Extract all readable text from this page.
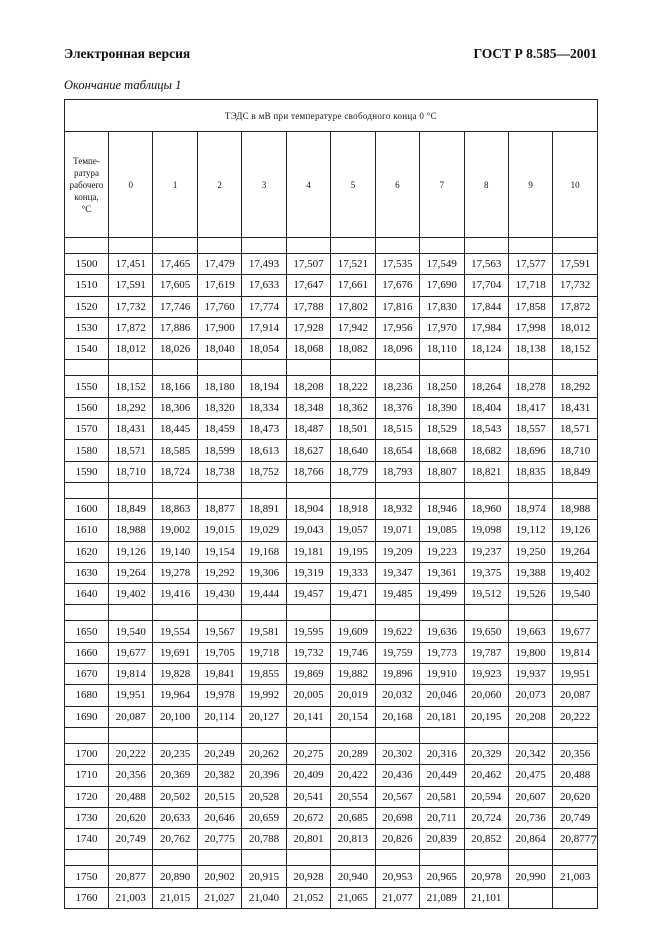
Электронная версия	ГОСТ Р 8.585—2001
Окончание таблицы 1
ТЭДС в мВ при температуре свободного конца 0 °С											

Темпе-
ратура
рабочего
конца,
°С	0	1	2	3	4	5	6	7	8	9	10

1500	17,451	17,465	17,479	17,493	17,507	17,521	17,535	17,549	17,563	17,577	17,591
1510	17,591	17,605	17,619	17,633	17,647	17,661	17,676	17,690	17,704	17,718	17,732
1520	17,732	17,746	17,760	17,774	17,788	17,802	17,816	17,830	17,844	17,858	17,872
1530	17,872	17,886	17,900	17,914	17,928	17,942	17,956	17,970	17,984	17,998	18,012
1540	18,012	18,026	18,040	18,054	18,068	18,082	18,096	18,110	18,124	18,138	18,152

1550	18,152	18,166	18,180	18,194	18,208	18,222	18,236	18,250	18,264	18,278	18,292
1560	18,292	18,306	18,320	18,334	18,348	18,362	18,376	18,390	18,404	18,417	18,431
1570	18,431	18,445	18,459	18,473	18,487	18,501	18,515	18,529	18,543	18,557	18,571
1580	18,571	18,585	18,599	18,613	18,627	18,640	18,654	18,668	18,682	18,696	18,710
1590	18,710	18,724	18,738	18,752	18,766	18,779	18,793	18,807	18,821	18,835	18,849

1600	18,849	18,863	18,877	18,891	18,904	18,918	18,932	18,946	18,960	18,974	18,988
1610	18,988	19,002	19,015	19,029	19,043	19,057	19,071	19,085	19,098	19,112	19,126
1620	19,126	19,140	19,154	19,168	19,181	19,195	19,209	19,223	19,237	19,250	19,264
1630	19,264	19,278	19,292	19,306	19,319	19,333	19,347	19,361	19,375	19,388	19,402
1640	19,402	19,416	19,430	19,444	19,457	19,471	19,485	19,499	19,512	19,526	19,540

1650	19,540	19,554	19,567	19,581	19,595	19,609	19,622	19,636	19,650	19,663	19,677
1660	19,677	19,691	19,705	19,718	19,732	19,746	19,759	19,773	19,787	19,800	19,814
1670	19,814	19,828	19,841	19,855	19,869	19,882	19,896	19,910	19,923	19,937	19,951
1680	19,951	19,964	19,978	19,992	20,005	20,019	20,032	20,046	20,060	20,073	20,087
1690	20,087	20,100	20,114	20,127	20,141	20,154	20,168	20,181	20,195	20,208	20,222

1700	20,222	20,235	20,249	20,262	20,275	20,289	20,302	20,316	20,329	20,342	20,356
1710	20,356	20,369	20,382	20,396	20,409	20,422	20,436	20,449	20,462	20,475	20,488
1720	20,488	20,502	20,515	20,528	20,541	20,554	20,567	20,581	20,594	20,607	20,620
1730	20,620	20,633	20,646	20,659	20,672	20,685	20,698	20,711	20,724	20,736	20,749
1740	20,749	20,762	20,775	20,788	20,801	20,813	20,826	20,839	20,852	20,864	20,877

1750	20,877	20,890	20,902	20,915	20,928	20,940	20,953	20,965	20,978	20,990	21,003
1760	21,003	21,015	21,027	21,040	21,052	21,065	21,077	21,089	21,101		
7
